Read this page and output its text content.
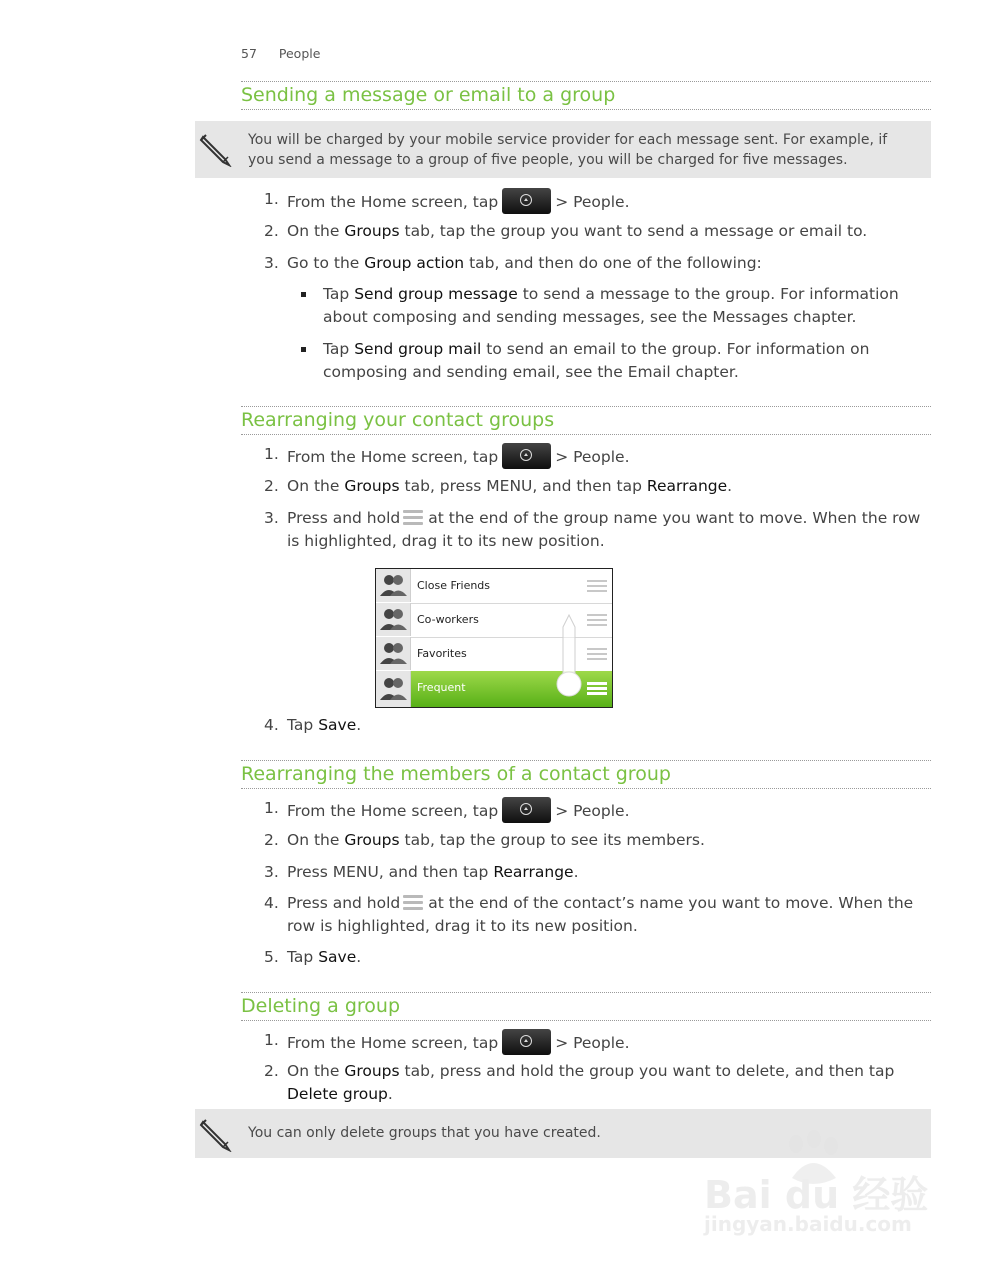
57 People
Sending a message or email to a group
You will be charged by your mobile service provider for each message sent. For example, if you send a message to a group of five people, you will be charged for five messages.
1. From the Home screen, tap	> People.
2. On the Groups tab, tap the group you want to send a message or email to.
3. Go to the Group action tab, and then do one of the following:
Tap Send group message to send a message to the group. For information about composing and sending messages, see the Messages chapter.
Tap Send group mail to send an email to the group. For information on composing and sending email, see the Email chapter.
Rearranging your contact groups
1. From the Home screen, tap	> People.
2. On the Groups tab, press MENU, and then tap Rearrange.
3. Press and hold at the end of the group name you want to move. When the row is highlighted, drag it to its new position.
Close Friends
Co-workers
Favorites
Frequent
4. Tap Save.
Rearranging the members of a contact group
1. From the Home screen, tap	> People.
2. On the Groups tab, tap the group to see its members.
3. Press MENU, and then tap Rearrange.
4. Press and hold at the end of the contact’s name you want to move. When the row is highlighted, drag it to its new position.
5. Tap Save.
Deleting a group
1. From the Home screen, tap	> People.
2. On the Groups tab, press and hold the group you want to delete, and then tap Delete group.
You can only delete groups that you have created.
Bai du 经验
jingyan.baidu.com
